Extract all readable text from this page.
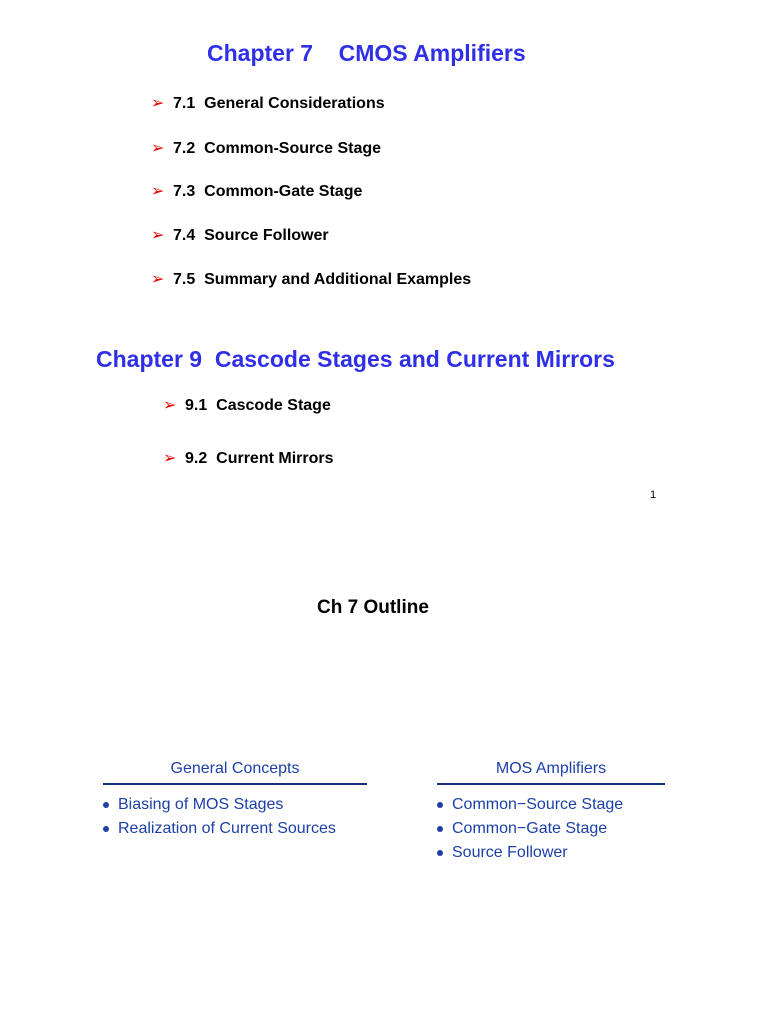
Chapter 7    CMOS Amplifiers
➢ 7.1  General Considerations
➢ 7.2  Common-Source Stage
➢ 7.3  Common-Gate Stage
➢ 7.4  Source Follower
➢ 7.5  Summary and Additional Examples
Chapter 9  Cascode Stages and Current Mirrors
➢ 9.1  Cascode Stage
➢ 9.2  Current Mirrors
1
Ch 7 Outline
General Concepts
Biasing of MOS Stages
Realization of Current Sources
MOS Amplifiers
Common−Source Stage
Common−Gate Stage
Source Follower
